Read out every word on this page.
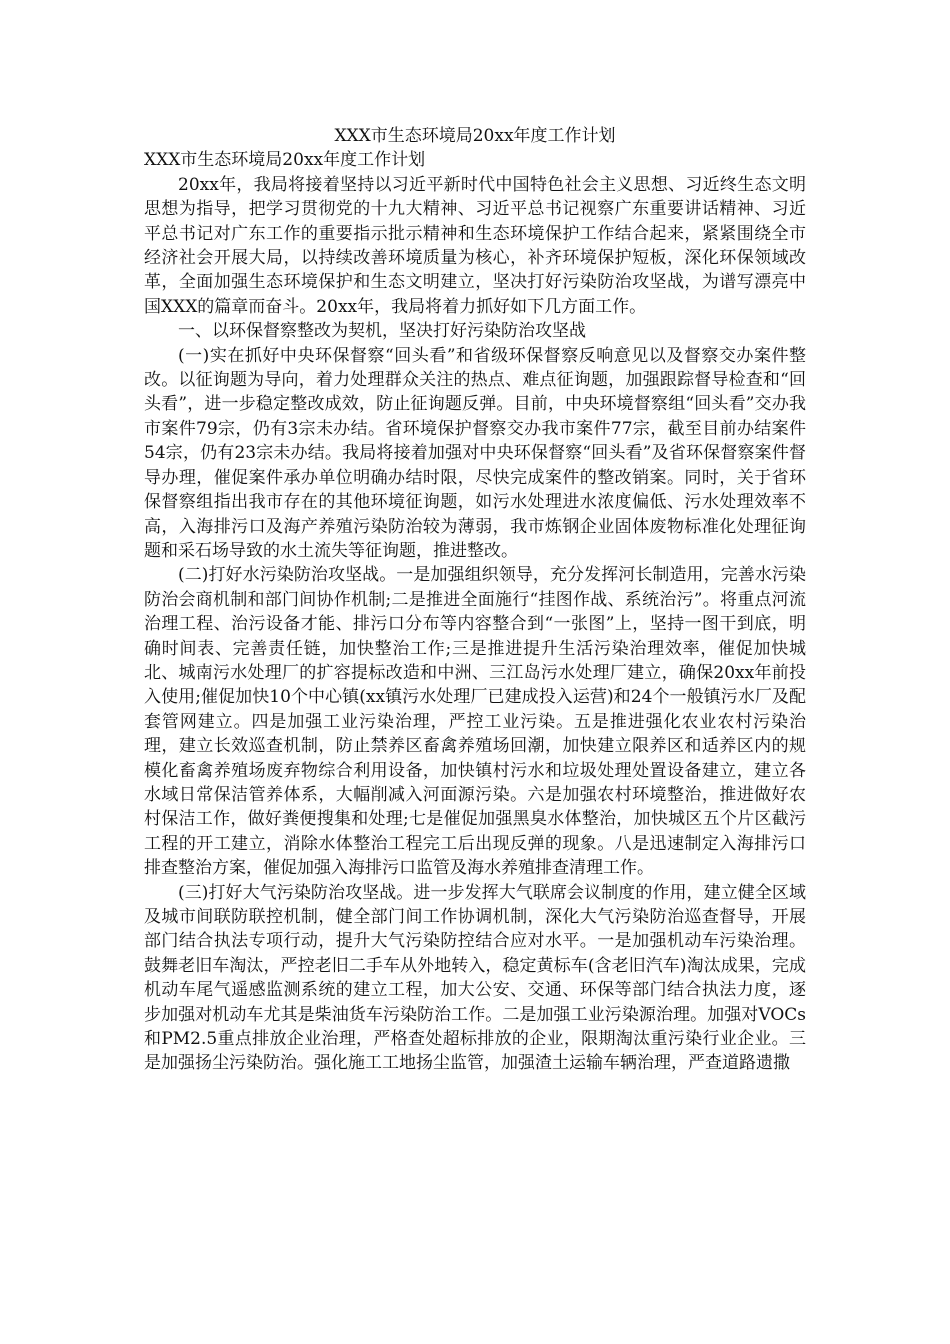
XXX市生态环境局20xx年度工作计划

XXX市生态环境局20xx年度工作计划

20xx年，我局将接着坚持以习近平新时代中国特色社会主义思想、习近终生态文明思想为指导，把学习贯彻党的十九大精神、习近平总书记视察广东重要讲话精神、习近平总书记对广东工作的重要指示批示精神和生态环境保护工作结合起来，紧紧围绕全市经济社会开展大局，以持续改善环境质量为核心，补齐环境保护短板，深化环保领域改革，全面加强生态环境保护和生态文明建立，坚决打好污染防治攻坚战，为谱写漂亮中国XXX的篇章而奋斗。20xx年，我局将着力抓好如下几方面工作。

一、以环保督察整改为契机，坚决打好污染防治攻坚战

(一)实在抓好中央环保督察“回头看”和省级环保督察反响意见以及督察交办案件整改。以征询题为导向，着力处理群众关注的热点、难点征询题，加强跟踪督导检查和“回头看”，进一步稳定整改成效，防止征询题反弹。目前，中央环境督察组“回头看”交办我市案件79宗，仍有3宗未办结。省环境保护督察交办我市案件77宗，截至目前办结案件54宗，仍有23宗未办结。我局将接着加强对中央环保督察“回头看”及省环保督察案件督导办理，催促案件承办单位明确办结时限，尽快完成案件的整改销案。同时，关于省环保督察组指出我市存在的其他环境征询题，如污水处理进水浓度偏低、污水处理效率不高，入海排污口及海产养殖污染防治较为薄弱，我市炼钢企业固体废物标准化处理征询题和采石场导致的水土流失等征询题，推进整改。

(二)打好水污染防治攻坚战。一是加强组织领导，充分发挥河长制造用，完善水污染防治会商机制和部门间协作机制;二是推进全面施行“挂图作战、系统治污”。将重点河流治理工程、治污设备才能、排污口分布等内容整合到“一张图”上，坚持一图干到底，明确时间表、完善责任链，加快整治工作;三是推进提升生活污染治理效率，催促加快城北、城南污水处理厂的扩容提标改造和中洲、三江岛污水处理厂建立，确保20xx年前投入使用;催促加快10个中心镇(xx镇污水处理厂已建成投入运营)和24个一般镇污水厂及配套管网建立。四是加强工业污染治理，严控工业污染。五是推进强化农业农村污染治理，建立长效巡查机制，防止禁养区畜禽养殖场回潮，加快建立限养区和适养区内的规模化畜禽养殖场废弃物综合利用设备，加快镇村污水和垃圾处理处置设备建立，建立各水域日常保洁管养体系，大幅削减入河面源污染。六是加强农村环境整治，推进做好农村保洁工作，做好粪便搜集和处理;七是催促加强黑臭水体整治，加快城区五个片区截污工程的开工建立，消除水体整治工程完工后出现反弹的现象。八是迅速制定入海排污口排查整治方案，催促加强入海排污口监管及海水养殖排查清理工作。

(三)打好大气污染防治攻坚战。进一步发挥大气联席会议制度的作用，建立健全区域及城市间联防联控机制，健全部门间工作协调机制，深化大气污染防治巡查督导，开展部门结合执法专项行动，提升大气污染防控结合应对水平。一是加强机动车污染治理。鼓舞老旧车淘汰，严控老旧二手车从外地转入，稳定黄标车(含老旧汽车)淘汰成果，完成机动车尾气遥感监测系统的建立工程，加大公安、交通、环保等部门结合执法力度，逐步加强对机动车尤其是柴油货车污染防治工作。二是加强工业污染源治理。加强对VOCs和PM2.5重点排放企业治理，严格查处超标排放的企业，限期淘汰重污染行业企业。三是加强扬尘污染防治。强化施工工地扬尘监管，加强渣土运输车辆治理，严查道路遗撒
